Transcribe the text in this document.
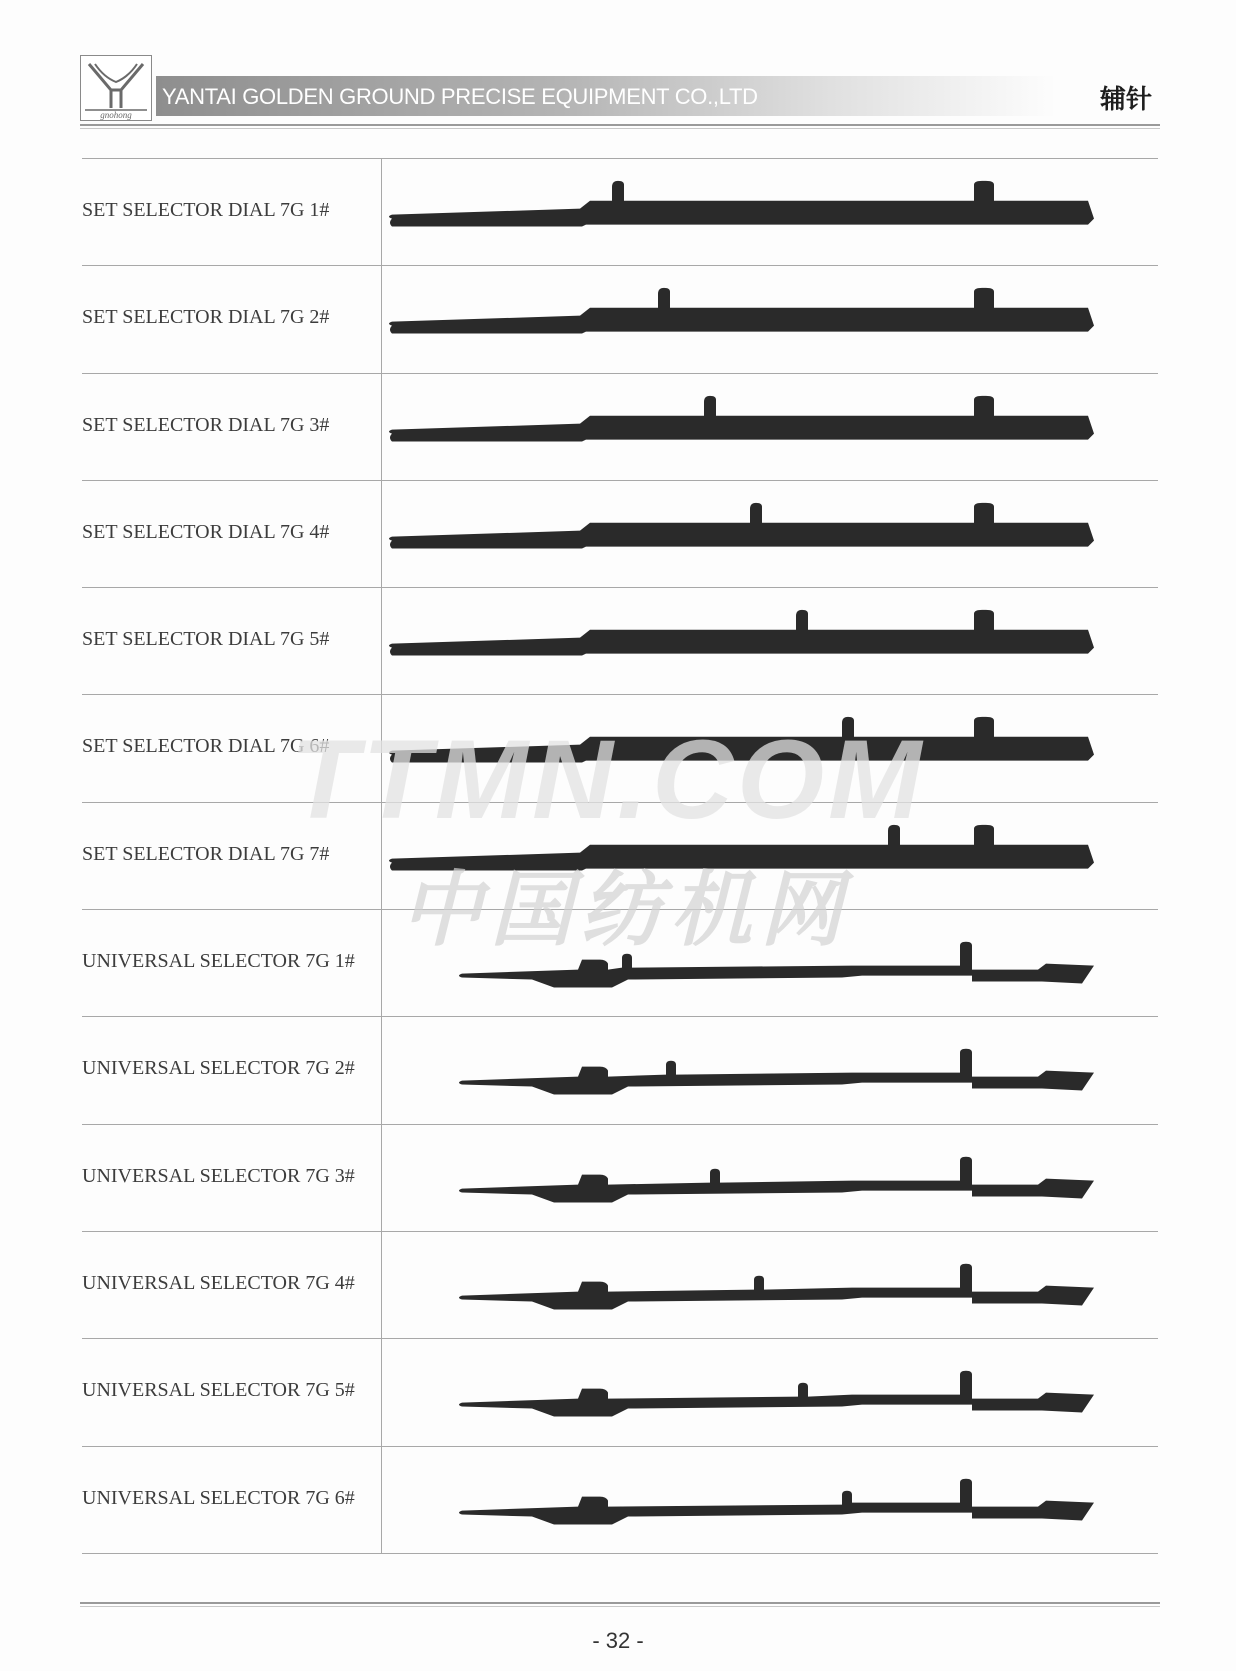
gnohong
YANTAI GOLDEN GROUND PRECISE EQUIPMENT CO.,LTD	辅针
SET SELECTOR DIAL 7G 1#
SET SELECTOR DIAL 7G 2#
SET SELECTOR DIAL 7G 3#
SET SELECTOR DIAL 7G 4#
SET SELECTOR DIAL 7G 5#
SET SELECTOR DIAL 7G 6#
SET SELECTOR DIAL 7G 7#
UNIVERSAL SELECTOR 7G 1#
UNIVERSAL SELECTOR 7G 2#
UNIVERSAL SELECTOR 7G 3#
UNIVERSAL SELECTOR 7G 4#
UNIVERSAL SELECTOR 7G 5#
UNIVERSAL SELECTOR 7G 6#
TTMN.COM
中国纺机网
- 32 -
